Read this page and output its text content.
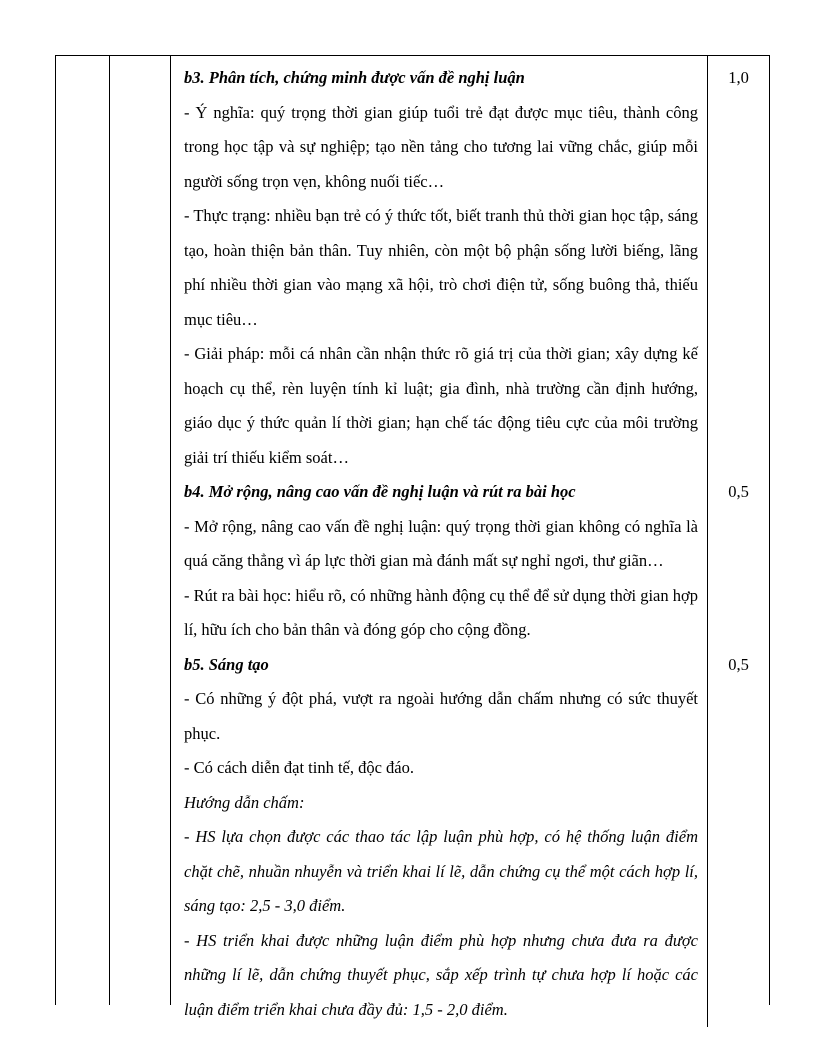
b3. Phân tích, chứng minh được vấn đề nghị luận

- Ý nghĩa: quý trọng thời gian giúp tuổi trẻ đạt được mục tiêu, thành công trong học tập và sự nghiệp; tạo nền tảng cho tương lai vững chắc, giúp mỗi người sống trọn vẹn, không nuối tiếc…

- Thực trạng: nhiều bạn trẻ có ý thức tốt, biết tranh thủ thời gian học tập, sáng tạo, hoàn thiện bản thân. Tuy nhiên, còn một bộ phận sống lười biếng, lãng phí nhiều thời gian vào mạng xã hội, trò chơi điện tử, sống buông thả, thiếu mục tiêu…

- Giải pháp: mỗi cá nhân cần nhận thức rõ giá trị của thời gian; xây dựng kế hoạch cụ thể, rèn luyện tính kỉ luật; gia đình, nhà trường cần định hướng, giáo dục ý thức quản lí thời gian; hạn chế tác động tiêu cực của môi trường giải trí thiếu kiểm soát…

1,0

b4. Mở rộng, nâng cao vấn đề nghị luận và rút ra bài học

- Mở rộng, nâng cao vấn đề nghị luận: quý trọng thời gian không có nghĩa là quá căng thẳng vì áp lực thời gian mà đánh mất sự nghỉ ngơi, thư giãn…

- Rút ra bài học: hiểu rõ, có những hành động cụ thể để sử dụng thời gian hợp lí, hữu ích cho bản thân và đóng góp cho cộng đồng.

0,5

b5. Sáng tạo

- Có những ý đột phá, vượt ra ngoài hướng dẫn chấm nhưng có sức thuyết phục.

- Có cách diễn đạt tinh tế, độc đáo.

Hướng dẫn chấm:

- HS lựa chọn được các thao tác lập luận phù hợp, có hệ thống luận điểm chặt chẽ, nhuần nhuyễn và triển khai lí lẽ, dẫn chứng cụ thể một cách hợp lí, sáng tạo: 2,5 - 3,0 điểm.

- HS triển khai được những luận điểm phù hợp nhưng chưa đưa ra được những lí lẽ, dẫn chứng thuyết phục, sắp xếp trình tự chưa hợp lí hoặc các luận điểm triển khai chưa đầy đủ: 1,5 - 2,0 điểm.

0,5
